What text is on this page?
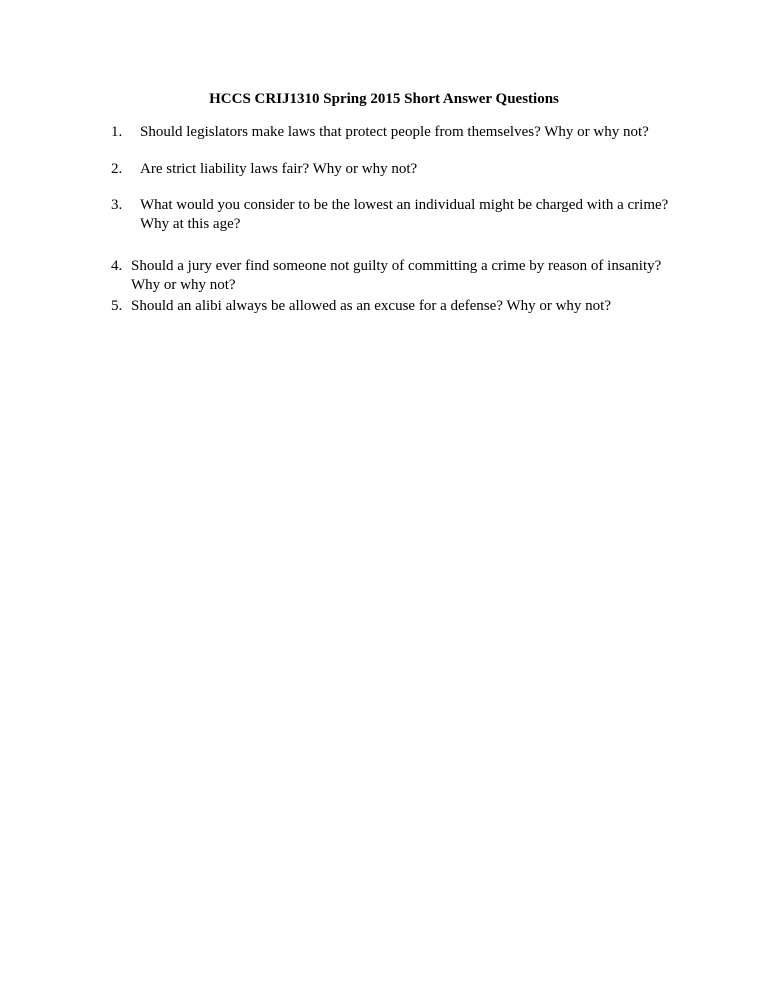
HCCS CRIJ1310 Spring 2015 Short Answer Questions
1. Should legislators make laws that protect people from themselves? Why or why not?
2. Are strict liability laws fair? Why or why not?
3. What would you consider to be the lowest an individual might be charged with a crime?
Why at this age?
4. Should a jury ever find someone not guilty of committing a crime by reason of insanity?
Why or why not?
5. Should an alibi always be allowed as an excuse for a defense? Why or why not?
